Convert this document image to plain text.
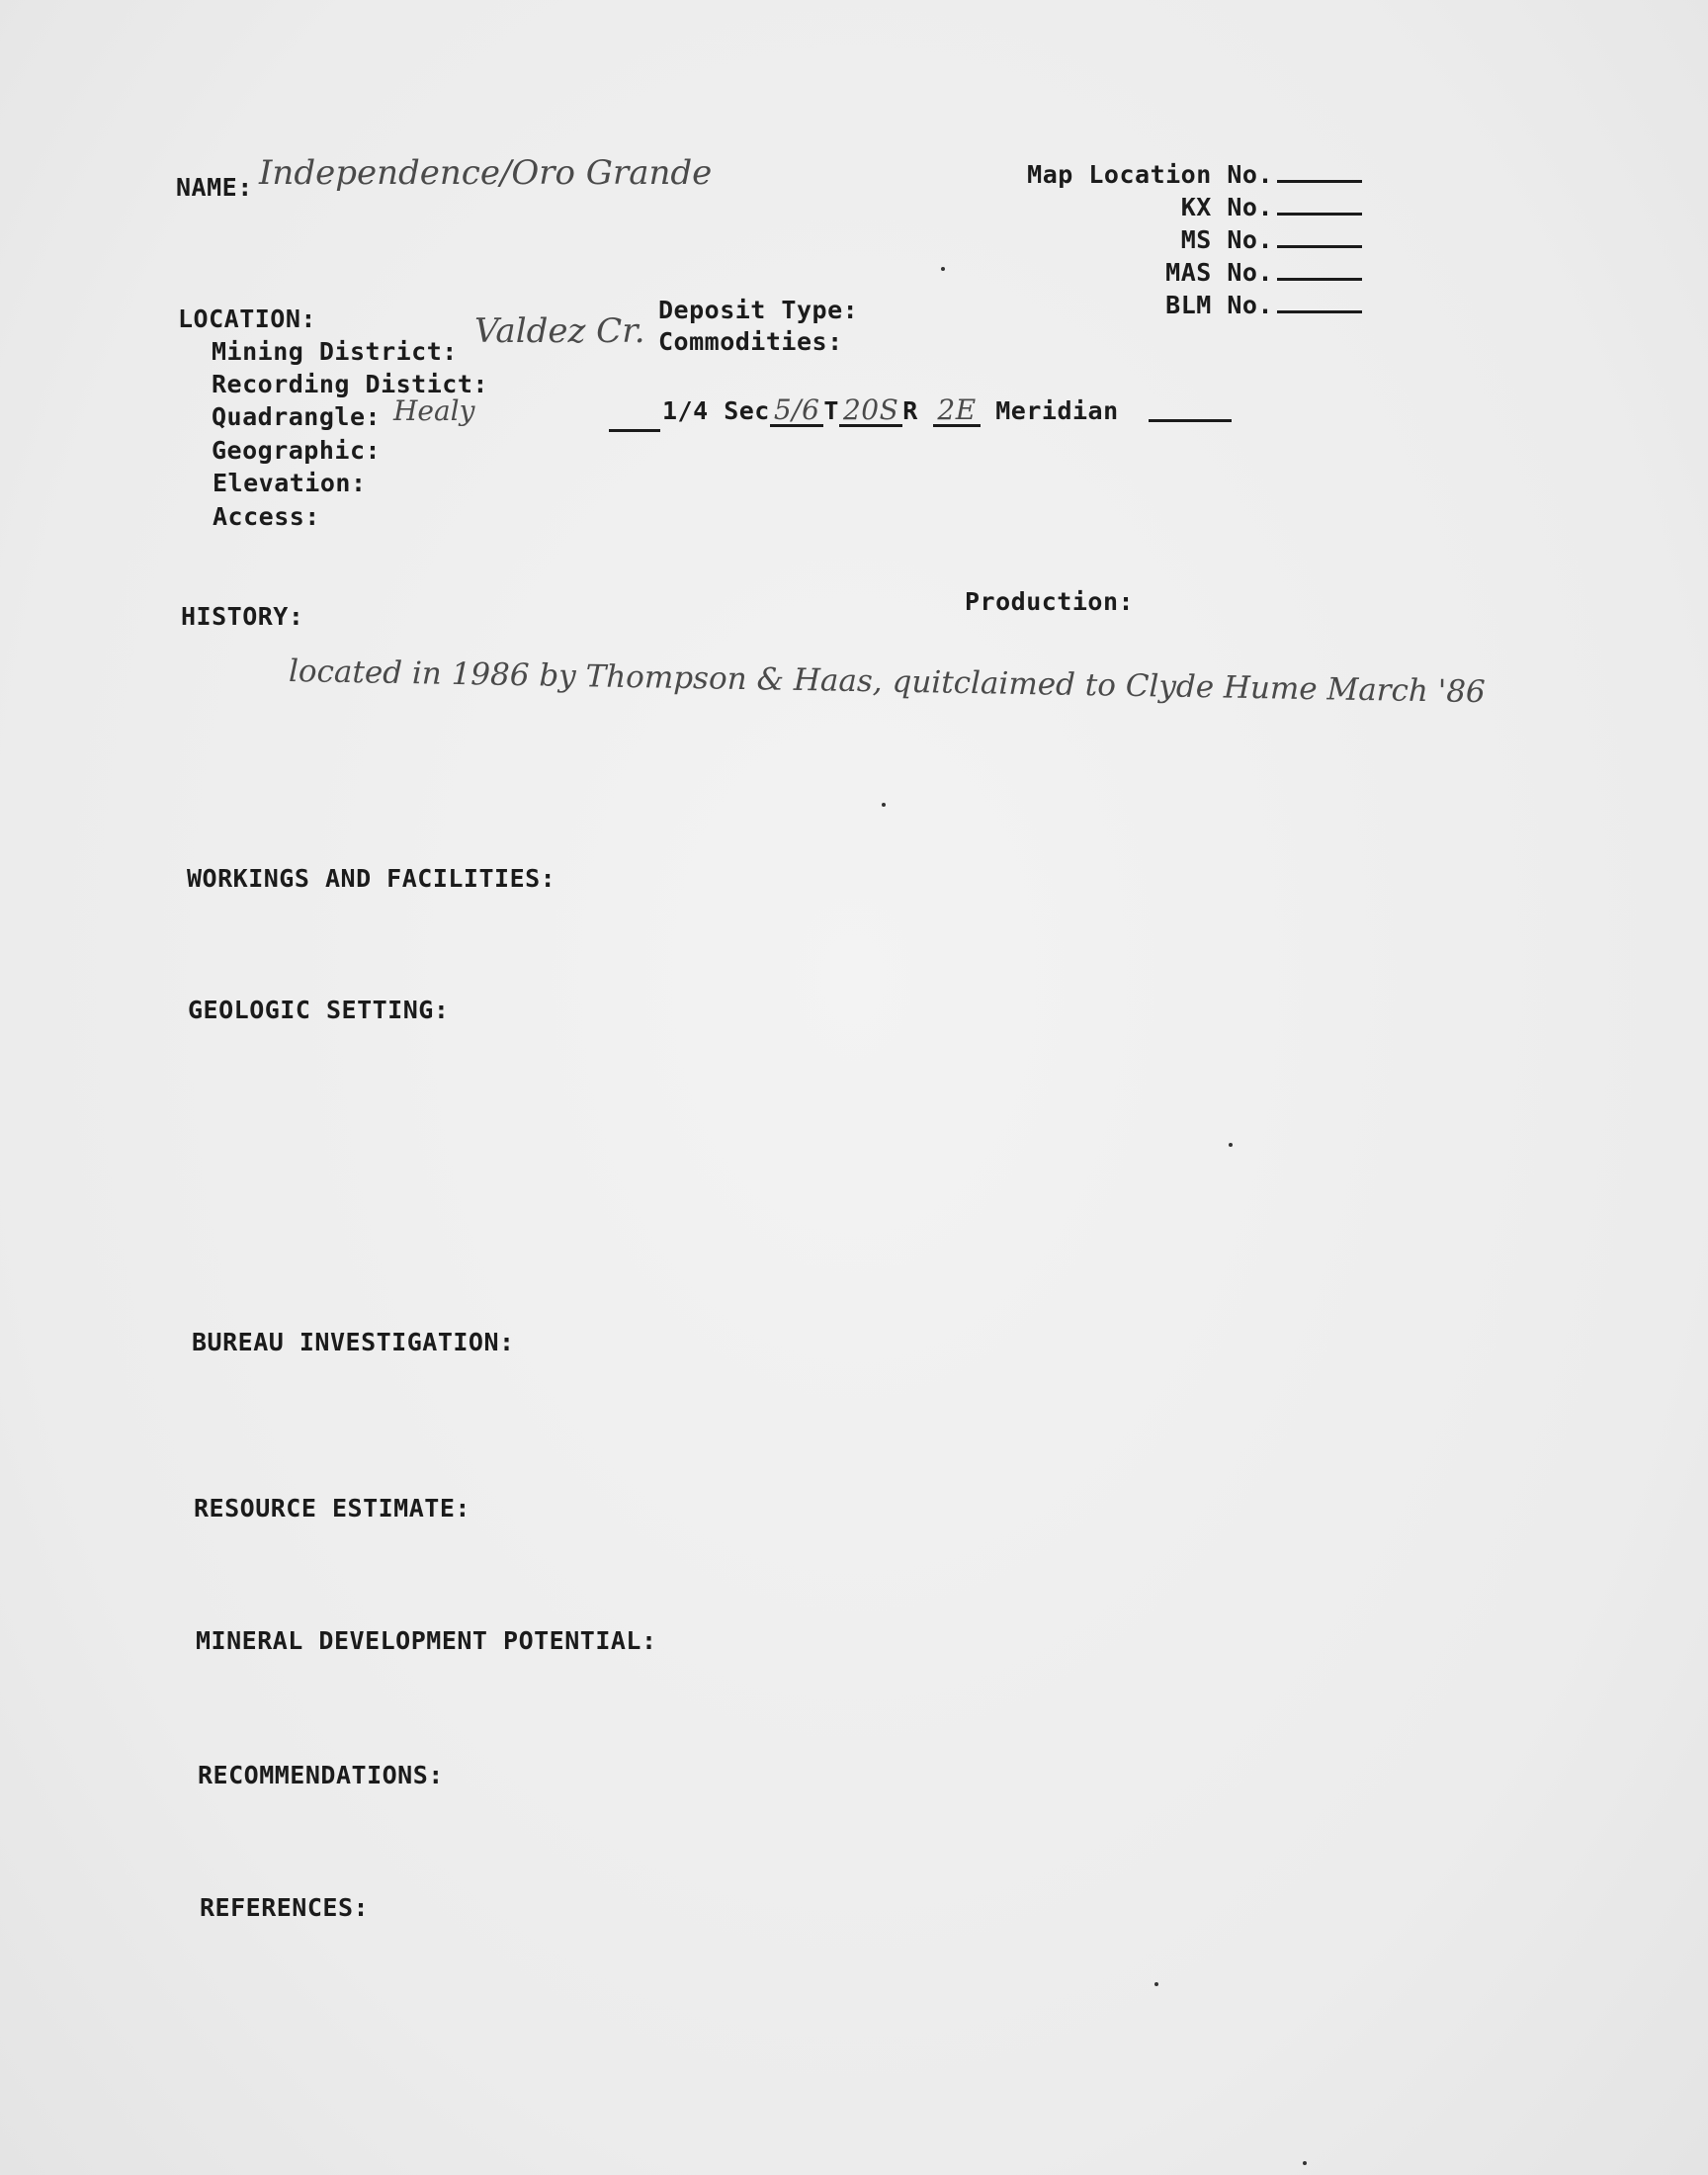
NAME: Independence/Oro Grande	Map Location No.
KX No.
MS No.
MAS No.
BLM No.
LOCATION:
Mining District:
Valdez Cr.
Recording Distict:
Quadrangle: Healy
Geographic:
Elevation:
Access:
Deposit Type:
Commodities:
1/4 Sec 5/6 T 20S R 2E Meridian
HISTORY:
Production:
located in 1986 by Thompson & Haas, quitclaimed to Clyde Hume March '86
WORKINGS AND FACILITIES:
GEOLOGIC SETTING:
BUREAU INVESTIGATION:
RESOURCE ESTIMATE:
MINERAL DEVELOPMENT POTENTIAL:
RECOMMENDATIONS:
REFERENCES:
